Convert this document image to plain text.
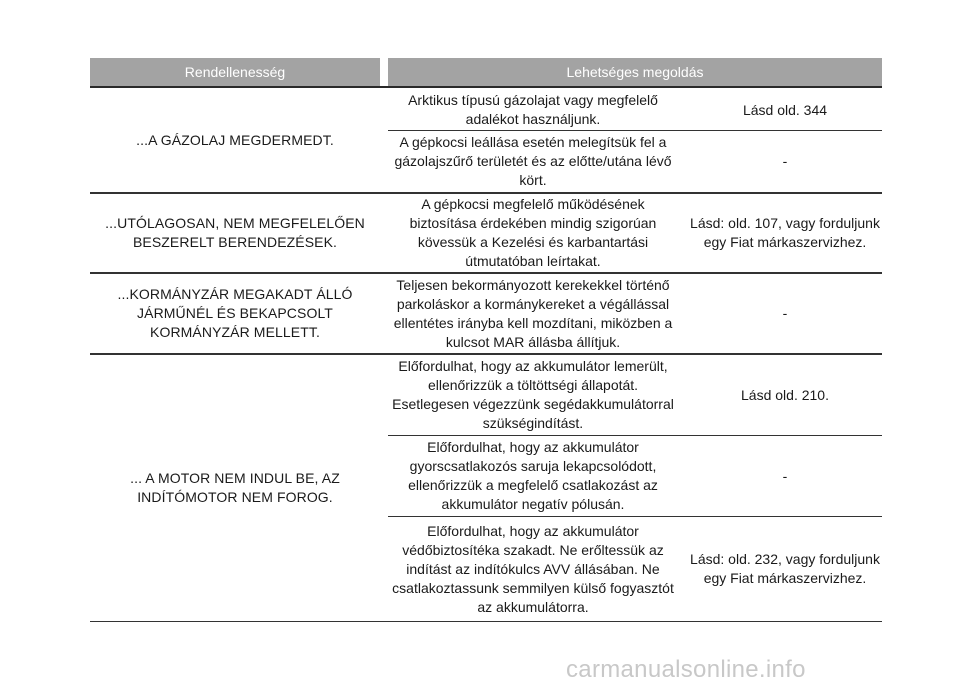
Rendellenesség	Lehetséges megoldás
...A GÁZOLAJ MEGDERMEDT.
Arktikus típusú gázolajat vagy megfelelő adalékot használjunk.
Lásd old. 344
A gépkocsi leállása esetén melegítsük fel a gázolajszűrő területét és az előtte/utána lévő kört.
-
...UTÓLAGOSAN, NEM MEGFELELŐEN BESZERELT BERENDEZÉSEK.
A gépkocsi megfelelő működésének biztosítása érdekében mindig szigorúan kövessük a Kezelési és karbantartási útmutatóban leírtakat.
Lásd: old. 107, vagy forduljunk egy Fiat márkaszervizhez.
...KORMÁNYZÁR MEGAKADT ÁLLÓ JÁRMŰNÉL ÉS BEKAPCSOLT KORMÁNYZÁR MELLETT.
Teljesen bekormányozott kerekekkel történő parkoláskor a kormánykereket a végállással ellentétes irányba kell mozdítani, miközben a kulcsot MAR állásba állítjuk.
-
... A MOTOR NEM INDUL BE, AZ INDÍTÓMOTOR NEM FOROG.
Előfordulhat, hogy az akkumulátor lemerült, ellenőrizzük a töltöttségi állapotát. Esetlegesen végezzünk segédakkumulátorral szükségindítást.
Lásd old. 210.
Előfordulhat, hogy az akkumulátor gyorscsatlakozós saruja lekapcsolódott, ellenőrizzük a megfelelő csatlakozást az akkumulátor negatív pólusán.
-
Előfordulhat, hogy az akkumulátor védőbiztosítéka szakadt. Ne erőltessük az indítást az indítókulcs AVV állásában. Ne csatlakoztassunk semmilyen külső fogyasztót az akkumulátorra.
Lásd: old. 232, vagy forduljunk egy Fiat márkaszervizhez.
carmanualsonline.info
